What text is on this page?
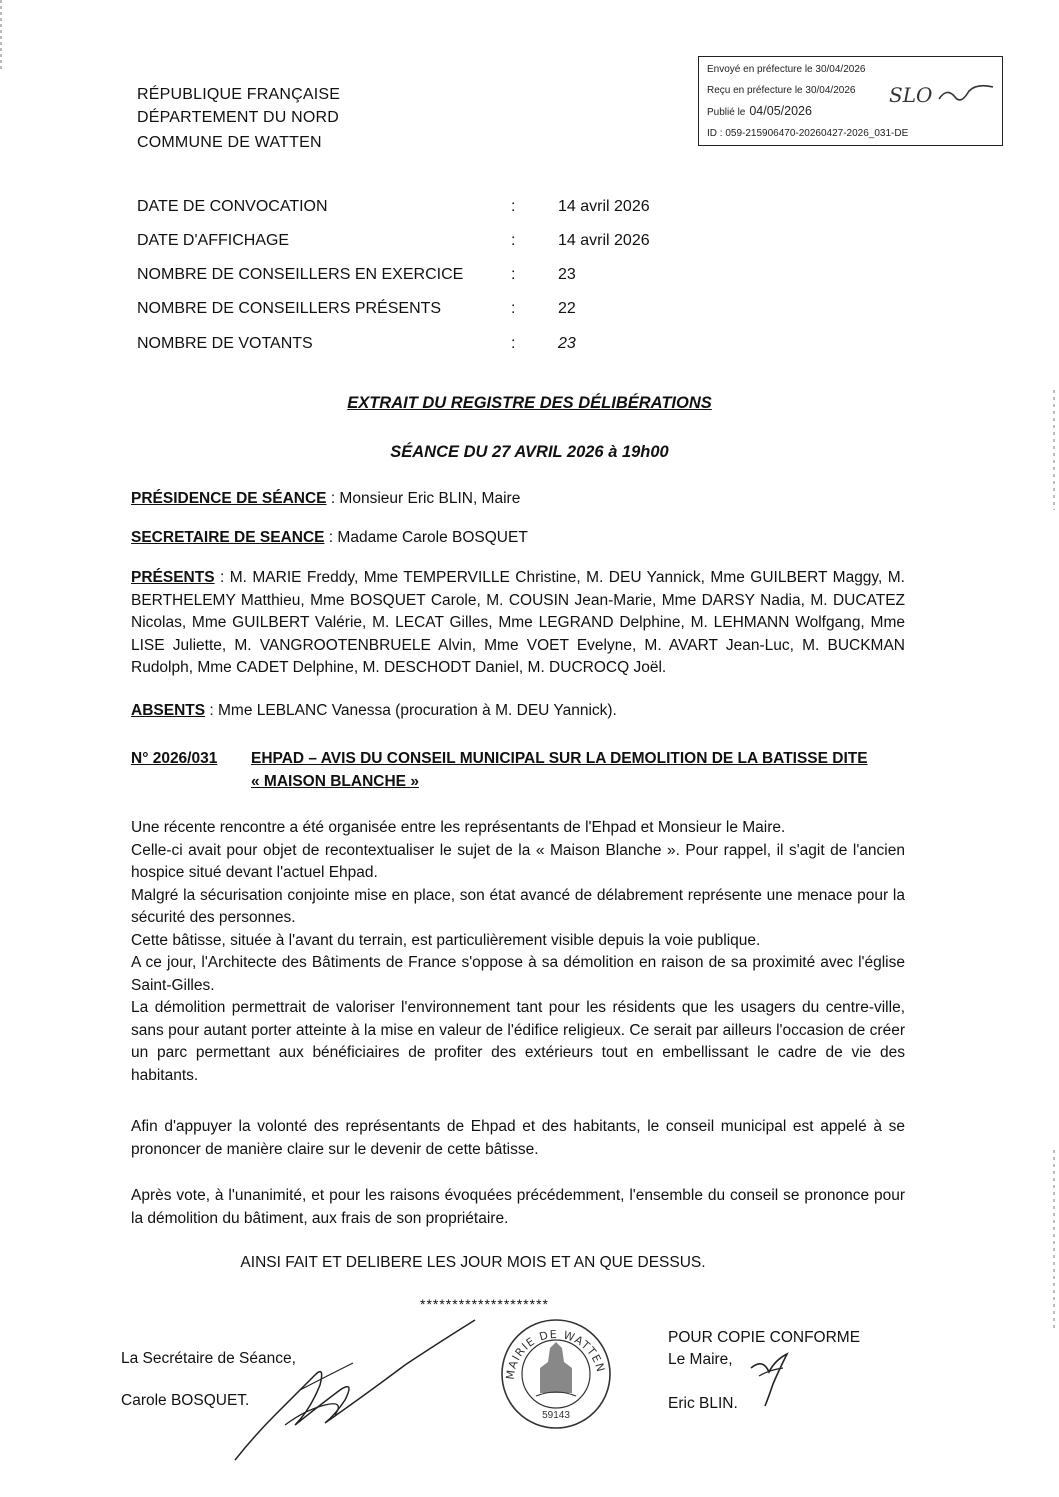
RÉPUBLIQUE FRANÇAISE
DÉPARTEMENT DU NORD
COMMUNE DE WATTEN
Envoyé en préfecture le 30/04/2026
Reçu en préfecture le 30/04/2026
Publié le 04/05/2026
ID : 059-215906470-20260427-2026_031-DE
SLO
DATE DE CONVOCATION	:	14 avril 2026
DATE D'AFFICHAGE	:	14 avril 2026
NOMBRE DE CONSEILLERS EN EXERCICE	:	23
NOMBRE DE CONSEILLERS PRÉSENTS	:	22
NOMBRE DE VOTANTS	:	23
EXTRAIT DU REGISTRE DES DÉLIBÉRATIONS
SÉANCE DU 27 AVRIL 2026 à 19h00
PRÉSIDENCE DE SÉANCE : Monsieur Eric BLIN, Maire
SECRETAIRE DE SEANCE : Madame Carole BOSQUET
PRÉSENTS : M. MARIE Freddy, Mme TEMPERVILLE Christine, M. DEU Yannick, Mme GUILBERT Maggy, M. BERTHELEMY Matthieu, Mme BOSQUET Carole, M. COUSIN Jean-Marie, Mme DARSY Nadia, M. DUCATEZ Nicolas, Mme GUILBERT Valérie, M. LECAT Gilles, Mme LEGRAND Delphine, M. LEHMANN Wolfgang, Mme LISE Juliette, M. VANGROOTENBRUELE Alvin, Mme VOET Evelyne, M. AVART Jean-Luc, M. BUCKMAN Rudolph, Mme CADET Delphine, M. DESCHODT Daniel, M. DUCROCQ Joël.
ABSENTS : Mme LEBLANC Vanessa (procuration à M. DEU Yannick).
N° 2026/031 EHPAD – AVIS DU CONSEIL MUNICIPAL SUR LA DEMOLITION DE LA BATISSE DITE
« MAISON BLANCHE »
Une récente rencontre a été organisée entre les représentants de l'Ehpad et Monsieur le Maire.
Celle-ci avait pour objet de recontextualiser le sujet de la « Maison Blanche ». Pour rappel, il s'agit de l'ancien hospice situé devant l'actuel Ehpad.
Malgré la sécurisation conjointe mise en place, son état avancé de délabrement représente une menace pour la sécurité des personnes.
Cette bâtisse, située à l'avant du terrain, est particulièrement visible depuis la voie publique.
A ce jour, l'Architecte des Bâtiments de France s'oppose à sa démolition en raison de sa proximité avec l'église Saint-Gilles.
La démolition permettrait de valoriser l'environnement tant pour les résidents que les usagers du centre-ville, sans pour autant porter atteinte à la mise en valeur de l'édifice religieux. Ce serait par ailleurs l'occasion de créer un parc permettant aux bénéficiaires de profiter des extérieurs tout en embellissant le cadre de vie des habitants.
Afin d'appuyer la volonté des représentants de Ehpad et des habitants, le conseil municipal est appelé à se prononcer de manière claire sur le devenir de cette bâtisse.
Après vote, à l'unanimité, et pour les raisons évoquées précédemment, l'ensemble du conseil se prononce pour la démolition du bâtiment, aux frais de son propriétaire.
AINSI FAIT ET DELIBERE LES JOUR MOIS ET AN QUE DESSUS.
********************
La Secrétaire de Séance,
Carole BOSQUET.
MAIRIE DE WATTEN
59143
POUR COPIE CONFORME
Le Maire,
Eric BLIN.
